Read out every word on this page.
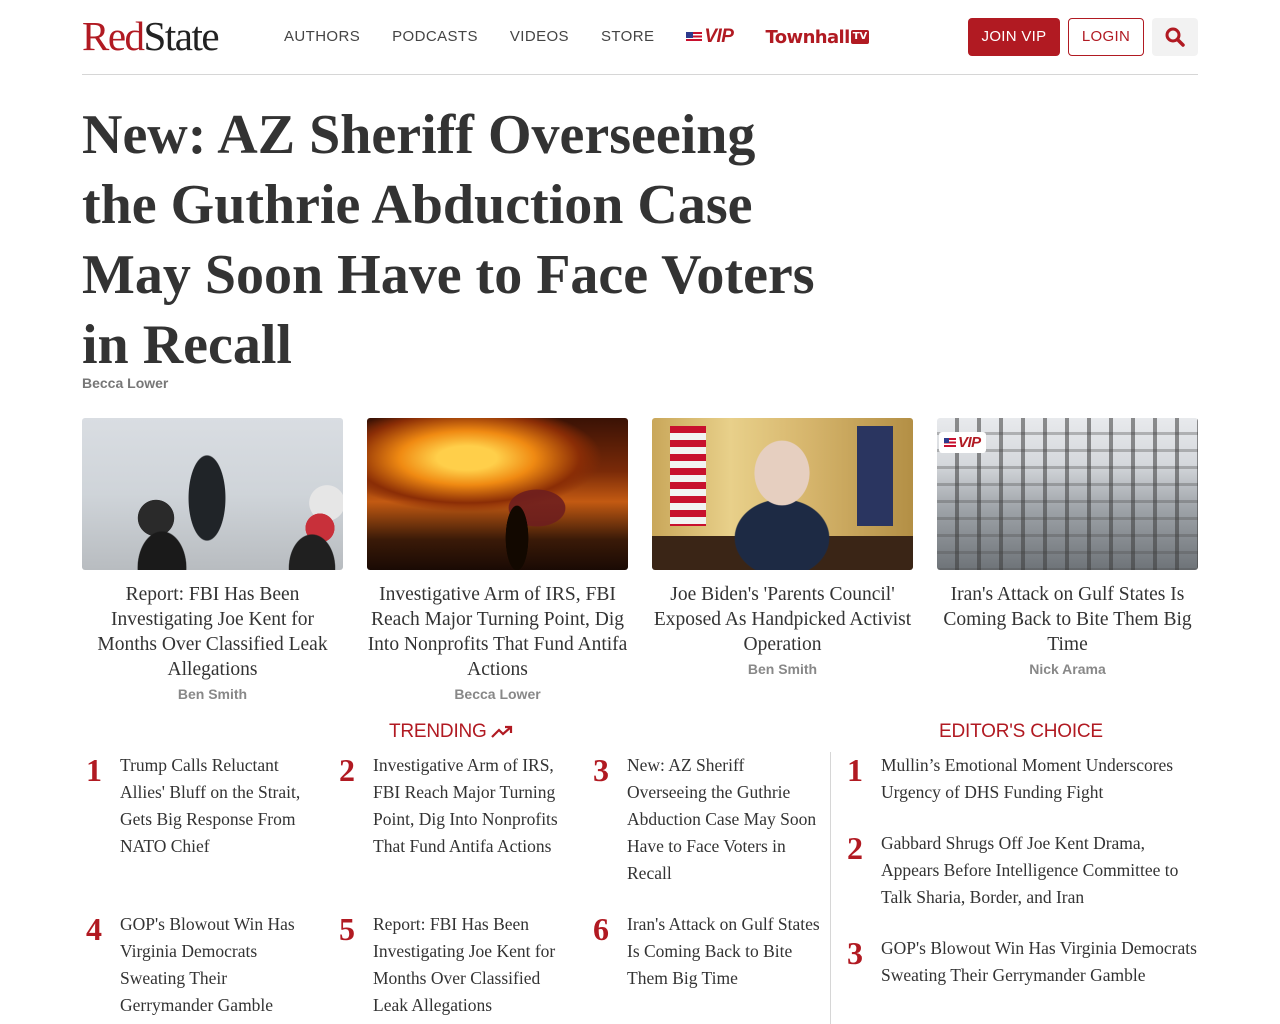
RedState	AUTHORS PODCASTS VIDEOS STORE	VIP Townhall TV	JOIN VIP	LOGIN
New: AZ Sheriff Overseeing the Guthrie Abduction Case May Soon Have to Face Voters in Recall
Becca Lower
Report: FBI Has Been Investigating Joe Kent for Months Over Classified Leak Allegations
Ben Smith
Investigative Arm of IRS, FBI Reach Major Turning Point, Dig Into Nonprofits That Fund Antifa Actions
Becca Lower
Joe Biden's 'Parents Council' Exposed As Handpicked Activist Operation
Ben Smith
VIP
Iran's Attack on Gulf States Is Coming Back to Bite Them Big Time
Nick Arama
TRENDING	EDITOR'S CHOICE
1	Trump Calls Reluctant Allies' Bluff on the Strait, Gets Big Response From NATO Chief
2	Investigative Arm of IRS, FBI Reach Major Turning Point, Dig Into Nonprofits That Fund Antifa Actions
3	New: AZ Sheriff Overseeing the Guthrie Abduction Case May Soon Have to Face Voters in Recall
4	GOP's Blowout Win Has Virginia Democrats Sweating Their Gerrymander Gamble
5	Report: FBI Has Been Investigating Joe Kent for Months Over Classified Leak Allegations
6	Iran's Attack on Gulf States Is Coming Back to Bite Them Big Time
1	Mullin’s Emotional Moment Underscores Urgency of DHS Funding Fight
2	Gabbard Shrugs Off Joe Kent Drama, Appears Before Intelligence Committee to Talk Sharia, Border, and Iran
3	GOP's Blowout Win Has Virginia Democrats Sweating Their Gerrymander Gamble
